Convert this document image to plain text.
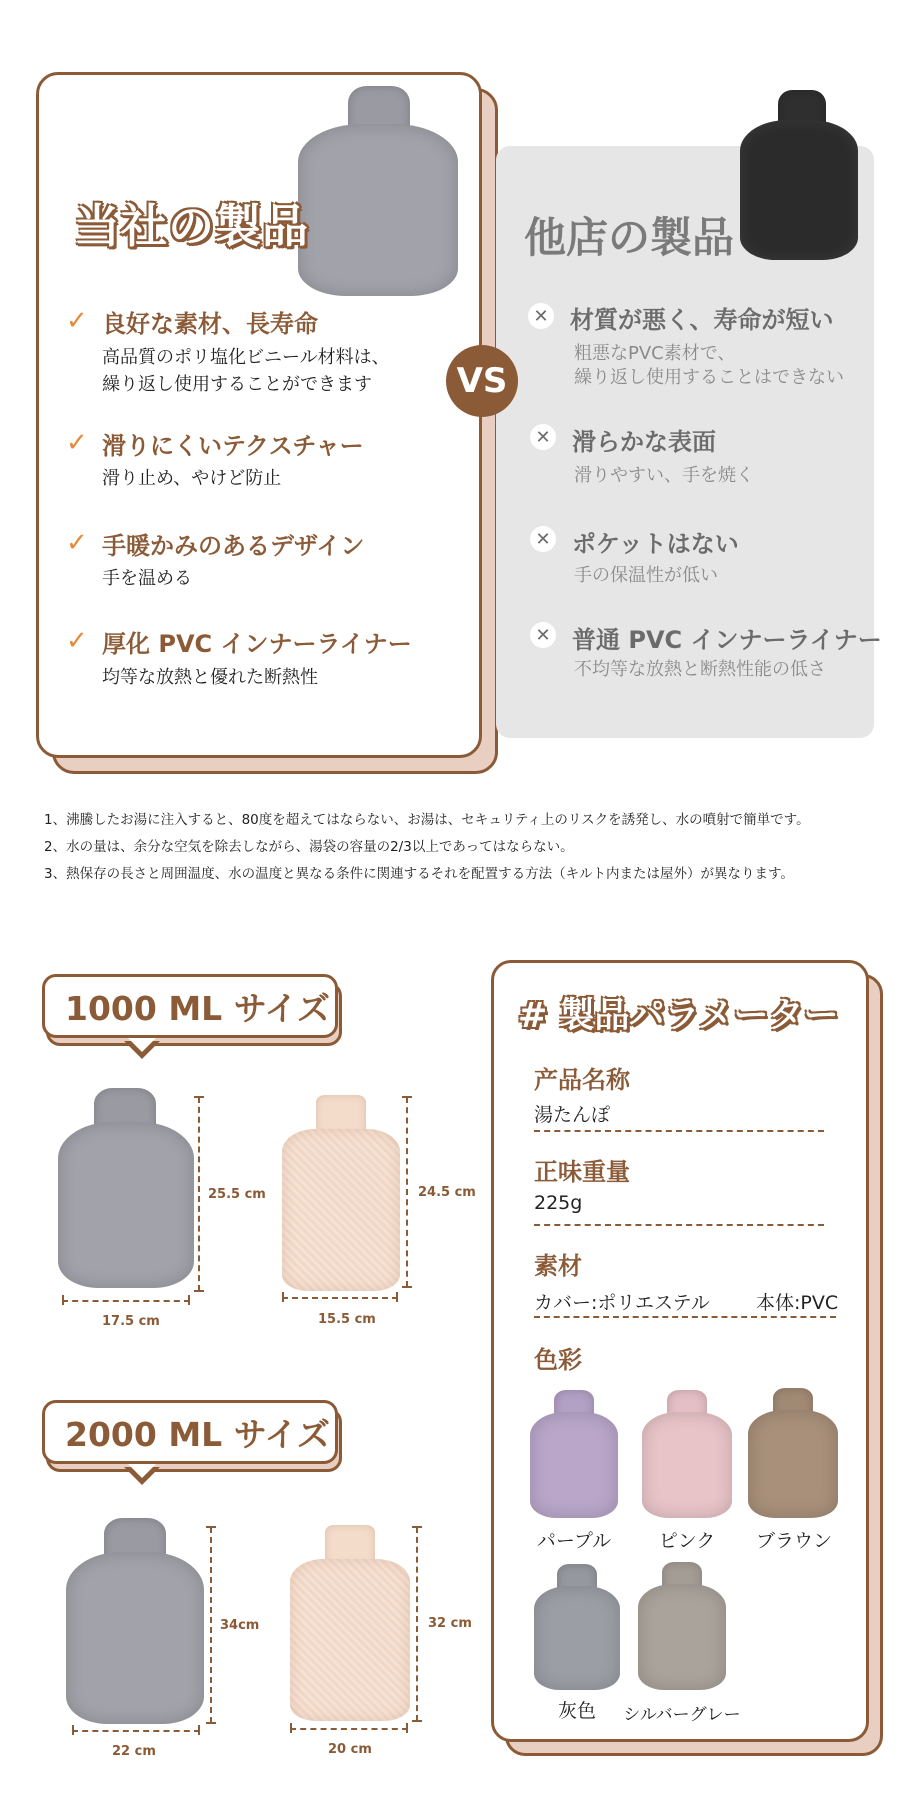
当社の製品	他店の製品
✓ 良好な素材、長寿命
高品質のポリ塩化ビニール材料は、
繰り返し使用することができます
✓ 滑りにくいテクスチャー
滑り止め、やけど防止
✓ 手暖かみのあるデザイン
手を温める
✓ 厚化 PVC インナーライナー
均等な放熱と優れた断熱性
VS
✕ 材質が悪く、寿命が短い
粗悪なPVC素材で、
繰り返し使用することはできない
✕ 滑らかな表面
滑りやすい、手を焼く
✕ ポケットはない
手の保温性が低い
✕ 普通 PVC インナーライナー
不均等な放熱と断熱性能の低さ
1、沸騰したお湯に注入すると、80度を超えてはならない、お湯は、セキュリティ上のリスクを誘発し、水の噴射で簡単です。
2、水の量は、余分な空気を除去しながら、湯袋の容量の2/3以上であってはならない。
3、熱保存の長さと周囲温度、水の温度と異なる条件に関連するそれを配置する方法（キルト内または屋外）が異なります。
1000 ML サイズ
25.5 cm
17.5 cm
24.5 cm
15.5 cm
2000 ML サイズ
34cm
22 cm
32 cm
20 cm
# 製品パラメーター
产品名称
湯たんぽ
正味重量
225g
素材
カバー:ポリエステル 本体:PVC
色彩
パープル	ピンク	ブラウン
灰色	シルバーグレー
